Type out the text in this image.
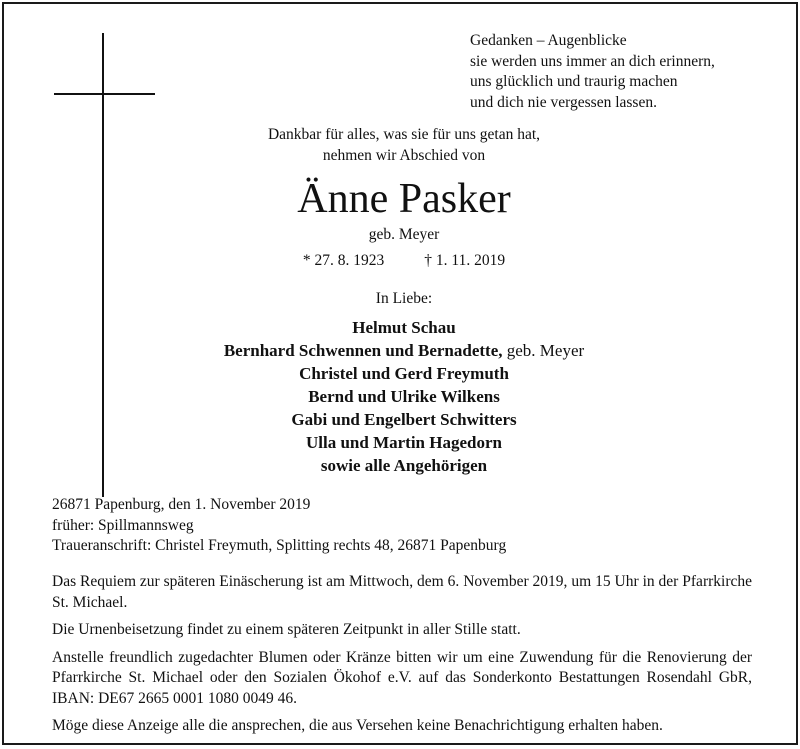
Gedanken – Augenblicke
sie werden uns immer an dich erinnern,
uns glücklich und traurig machen
und dich nie vergessen lassen.
Dankbar für alles, was sie für uns getan hat,
nehmen wir Abschied von
Änne Pasker
geb. Meyer
* 27. 8. 1923	† 1. 11. 2019
In Liebe:
Helmut Schau
Bernhard Schwennen und Bernadette, geb. Meyer
Christel und Gerd Freymuth
Bernd und Ulrike Wilkens
Gabi und Engelbert Schwitters
Ulla und Martin Hagedorn
sowie alle Angehörigen
26871 Papenburg, den 1. November 2019
früher: Spillmannsweg
Traueranschrift: Christel Freymuth, Splitting rechts 48, 26871 Papenburg

Das Requiem zur späteren Einäscherung ist am Mittwoch, dem 6. November 2019, um 15 Uhr in der Pfarrkirche St. Michael.

Die Urnenbeisetzung findet zu einem späteren Zeitpunkt in aller Stille statt.

Anstelle freundlich zugedachter Blumen oder Kränze bitten wir um eine Zuwendung für die Renovierung der Pfarrkirche St. Michael oder den Sozialen Ökohof e.V. auf das Sonderkonto Bestattungen Rosendahl GbR, IBAN: DE67 2665 0001 1080 0049 46.

Möge diese Anzeige alle die ansprechen, die aus Versehen keine Benachrichtigung erhalten haben.
